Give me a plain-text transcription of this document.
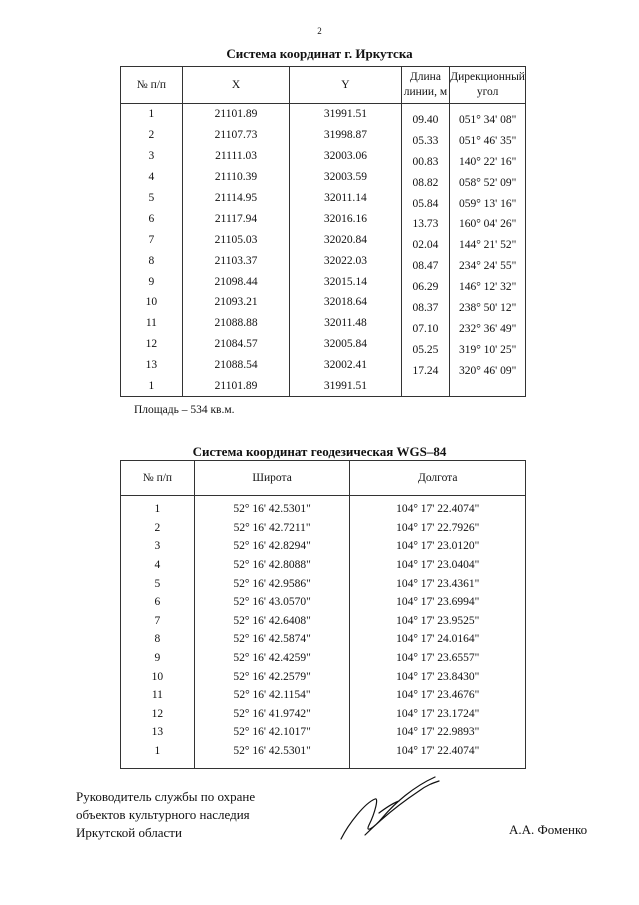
2
Система координат г. Иркутска
№ п/п	X	Y	Длина линии, м	Дирекционный угол
1	21101.89	31991.51	09.40	051° 34' 08"

2	21107.73	31998.87	05.33	051° 46' 35"

3	21111.03	32003.06	00.83	140° 22' 16"

4	21110.39	32003.59	08.82	058° 52' 09"

5	21114.95	32011.14	05.84	059° 13' 16"

6	21117.94	32016.16	13.73	160° 04' 26"

7	21105.03	32020.84	02.04	144° 21' 52"

8	21103.37	32022.03	08.47	234° 24' 55"

9	21098.44	32015.14	06.29	146° 12' 32"

10	21093.21	32018.64	08.37	238° 50' 12"

11	21088.88	32011.48	07.10	232° 36' 49"

12	21084.57	32005.84	05.25	319° 10' 25"

13	21088.54	32002.41	17.24	320° 46' 09"

1	21101.89	31991.51		
Площадь – 534 кв.м.
Система координат геодезическая WGS–84
№ п/п	Широта	Долгота
1	52° 16' 42.5301"	104° 17' 22.4074"
2	52° 16' 42.7211"	104° 17' 22.7926"
3	52° 16' 42.8294"	104° 17' 23.0120"
4	52° 16' 42.8088"	104° 17' 23.0404"
5	52° 16' 42.9586"	104° 17' 23.4361"
6	52° 16' 43.0570"	104° 17' 23.6994"
7	52° 16' 42.6408"	104° 17' 23.9525"
8	52° 16' 42.5874"	104° 17' 24.0164"
9	52° 16' 42.4259"	104° 17' 23.6557"
10	52° 16' 42.2579"	104° 17' 23.8430"
11	52° 16' 42.1154"	104° 17' 23.4676"
12	52° 16' 41.9742"	104° 17' 23.1724"
13	52° 16' 42.1017"	104° 17' 22.9893"
1	52° 16' 42.5301"	104° 17' 22.4074"
Руководитель службы по охране
объектов культурного наследия
Иркутской области	А.А. Фоменко
